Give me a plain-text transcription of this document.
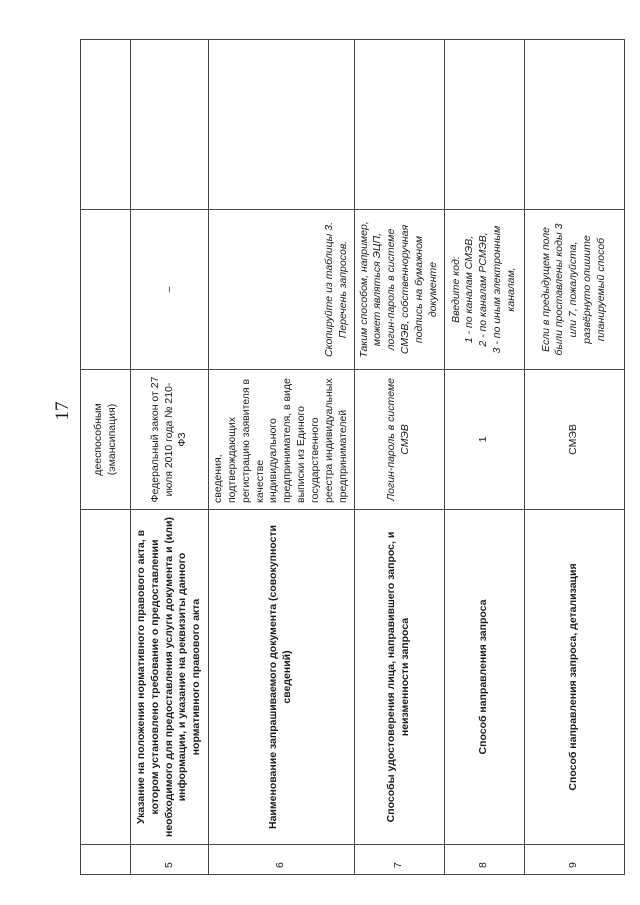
17
		дееспособным (эмансипация)		
5	Указание на положения нормативного правового акта, в котором установлено требование о предоставлении необходимого для предоставления услуги документа и (или) информации, и указание на реквизиты данного нормативного правового акта	Федеральный закон от 27 июля 2010 года № 210-ФЗ	–	
6	Наименование запрашиваемого документа (совокупности сведений)	сведения, подтверждающих регистрацию заявителя в качестве индивидуального предпринимателя, в виде выписки из Единого государственного реестра индивидуальных предпринимателей	Скопируйте из таблицы 3. Перечень запросов.	
7	Способы удостоверения лица, направившего запрос, и неизменности запроса	Логин-пароль в системе СМЭВ	Таким способом, например, может являться ЭЦП, логин-пароль в системе СМЭВ, собственноручная подпись на бумажном документе	
8	Способ направления запроса	1	Введите код: 1 - по каналам СМЭВ, 2 - по каналам РСМЭВ, 3 - по иным электронным каналам,	

9	Способ направления запроса, детализация	СМЭВ	Если в предыдущем поле были проставлены коды 3 или 7, пожалуйста, развёрнуто опишите планируемый способ	
